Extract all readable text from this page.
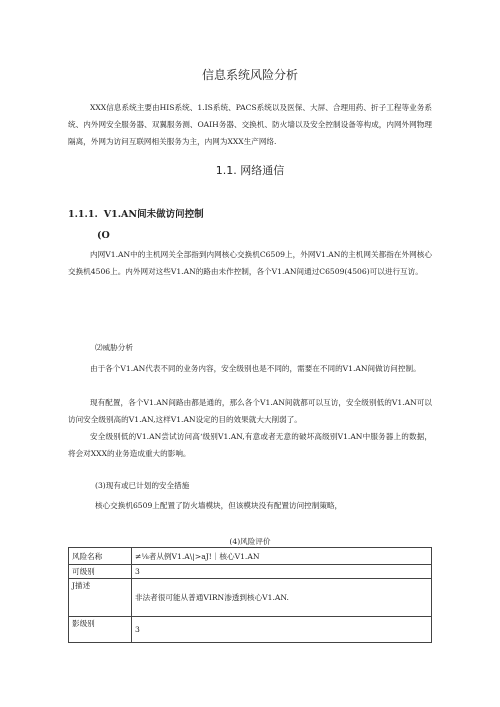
信息系统风险分析
XXX信息系统主要由HIS系统、1.IS系统、PACS系统以及医保、大屏、合理用药、折子工程等业务系统、内外网安全服务器、双翼服务测、OAIH务器、交换机、防火墙以及安全控制设备等构成，内网外网物理隔离，外网为访问互联网相关服务为主，内网为XXX生产网络.
1.1. 网络通信
1.1.1. V1.AN间未做访问控制
(O
内网V1.AN中的主机网关全部指到内网核心交换机C6509上，外网V1.AN的主机网关都指在外网核心交换机4506上。内外网对这些V1.AN的路由未作控制，各个V1.AN间通过C6509(4506)可以进行互访。
⑵威胁分析
由于各个V1.AN代表不同的业务内容，安全级别也是不同的，需要在不同的V1.AN间做访问控制。
现有配置，各个V1.AN间路由都是通的，那么各个V1.AN间就都可以互访，安全级别低的V1.AN可以访问安全级别高的V1.AN,这样V1.AN设定的目的效果就大大削弱了。
安全级别低的V1.AN尝试访问高‘级别V1.AN,有意或者无意的破坏高级别V1.AN中服务器上的数据，将会对XXX的业务造成重大的影响。
(3)现有或已计划的安全措施
核心交换机6509上配置了防火墙模块，但该模块没有配置访问控制策略，
(4)风险评价
风险名称	≠⅛者从例V1.A\|>aJ!｜核心V1.AN
可级别	3
J描述	非法者很可能从普通VIRN渗透到核心V1.AN.
影级别	3
